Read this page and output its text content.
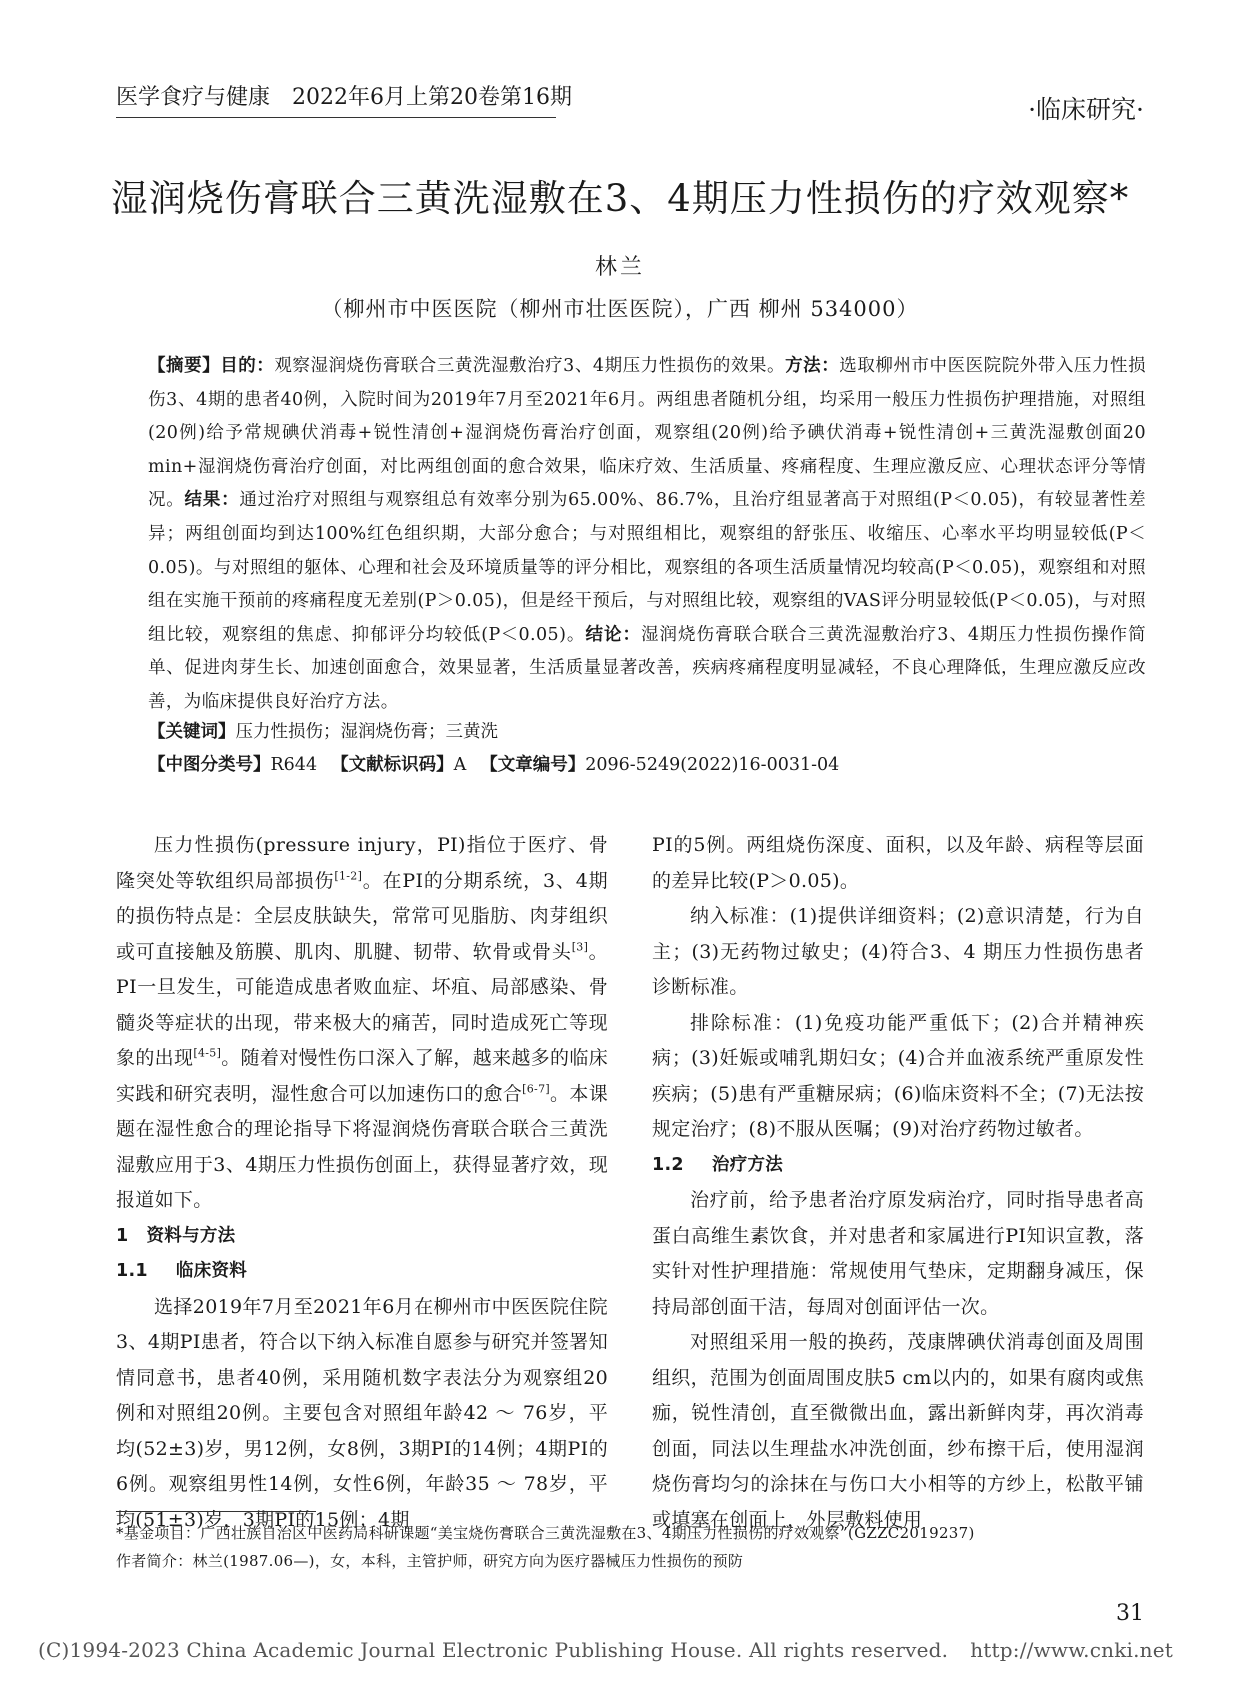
医学食疗与健康 2022年6月上第20卷第16期	·临床研究·
湿润烧伤膏联合三黄洗湿敷在3、4期压力性损伤的疗效观察*
林兰
（柳州市中医医院（柳州市壮医医院），广西 柳州 534000）
【摘要】目的：观察湿润烧伤膏联合三黄洗湿敷治疗3、4期压力性损伤的效果。方法：选取柳州市中医医院院外带入压力性损伤3、4期的患者40例，入院时间为2019年7月至2021年6月。两组患者随机分组，均采用一般压力性损伤护理措施，对照组(20例)给予常规碘伏消毒+锐性清创+湿润烧伤膏治疗创面，观察组(20例)给予碘伏消毒+锐性清创+三黄洗湿敷创面20 min+湿润烧伤膏治疗创面，对比两组创面的愈合效果，临床疗效、生活质量、疼痛程度、生理应激反应、心理状态评分等情况。结果：通过治疗对照组与观察组总有效率分别为65.00%、86.7%，且治疗组显著高于对照组(P＜0.05)，有较显著性差异；两组创面均到达100%红色组织期，大部分愈合；与对照组相比，观察组的舒张压、收缩压、心率水平均明显较低(P＜0.05)。与对照组的躯体、心理和社会及环境质量等的评分相比，观察组的各项生活质量情况均较高(P＜0.05)，观察组和对照组在实施干预前的疼痛程度无差别(P＞0.05)，但是经干预后，与对照组比较，观察组的VAS评分明显较低(P＜0.05)，与对照组比较，观察组的焦虑、抑郁评分均较低(P＜0.05)。结论：湿润烧伤膏联合联合三黄洗湿敷治疗3、4期压力性损伤操作简单、促进肉芽生长、加速创面愈合，效果显著，生活质量显著改善，疾病疼痛程度明显减轻，不良心理降低，生理应激反应改善，为临床提供良好治疗方法。
【关键词】压力性损伤；湿润烧伤膏；三黄洗
【中图分类号】R644 【文献标识码】A 【文章编号】2096-5249(2022)16-0031-04

压力性损伤(pressure injury，PI)指位于医疗、骨隆突处等软组织局部损伤[1-2]。在PI的分期系统，3、4期的损伤特点是：全层皮肤缺失，常常可见脂肪、肉芽组织或可直接触及筋膜、肌肉、肌腱、韧带、软骨或骨头[3]。PI一旦发生，可能造成患者败血症、坏疽、局部感染、骨髓炎等症状的出现，带来极大的痛苦，同时造成死亡等现象的出现[4-5]。随着对慢性伤口深入了解，越来越多的临床实践和研究表明，湿性愈合可以加速伤口的愈合[6-7]。本课题在湿性愈合的理论指导下将湿润烧伤膏联合联合三黄洗湿敷应用于3、4期压力性损伤创面上，获得显著疗效，现报道如下。

1 资料与方法

1.1 临床资料

选择2019年7月至2021年6月在柳州市中医医院住院3、4期PI患者，符合以下纳入标准自愿参与研究并签署知情同意书，患者40例，采用随机数字表法分为观察组20例和对照组20例。主要包含对照组年龄42 ～ 76岁，平均(52±3)岁，男12例，女8例，3期PI的14例；4期PI的6例。观察组男性14例，女性6例，年龄35 ～ 78岁，平均(51±3)岁，3期PI的15例；4期

PI的5例。两组烧伤深度、面积，以及年龄、病程等层面的差异比较(P＞0.05)。

纳入标准：(1)提供详细资料；(2)意识清楚，行为自主；(3)无药物过敏史；(4)符合3、4 期压力性损伤患者诊断标准。

排除标准：(1)免疫功能严重低下；(2)合并精神疾病；(3)妊娠或哺乳期妇女；(4)合并血液系统严重原发性疾病；(5)患有严重糖尿病；(6)临床资料不全；(7)无法按规定治疗；(8)不服从医嘱；(9)对治疗药物过敏者。

1.2 治疗方法

治疗前，给予患者治疗原发病治疗，同时指导患者高蛋白高维生素饮食，并对患者和家属进行PI知识宣教，落实针对性护理措施：常规使用气垫床，定期翻身减压，保持局部创面干洁，每周对创面评估一次。

对照组采用一般的换药，茂康牌碘伏消毒创面及周围组织，范围为创面周围皮肤5 cm以内的，如果有腐肉或焦痂，锐性清创，直至微微出血，露出新鲜肉芽，再次消毒创面，同法以生理盐水冲洗创面，纱布擦干后，使用湿润烧伤膏均匀的涂抹在与伤口大小相等的方纱上，松散平铺或填塞在创面上，外层敷料使用

*基金项目：广西壮族自治区中医药局科研课题“美宝烧伤膏联合三黄洗湿敷在3、4期压力性损伤的疗效观察”(GZZC2019237)
作者简介：林兰(1987.06—)，女，本科，主管护师，研究方向为医疗器械压力性损伤的预防
31
(C)1994-2023 China Academic Journal Electronic Publishing House. All rights reserved. http://www.cnki.net
